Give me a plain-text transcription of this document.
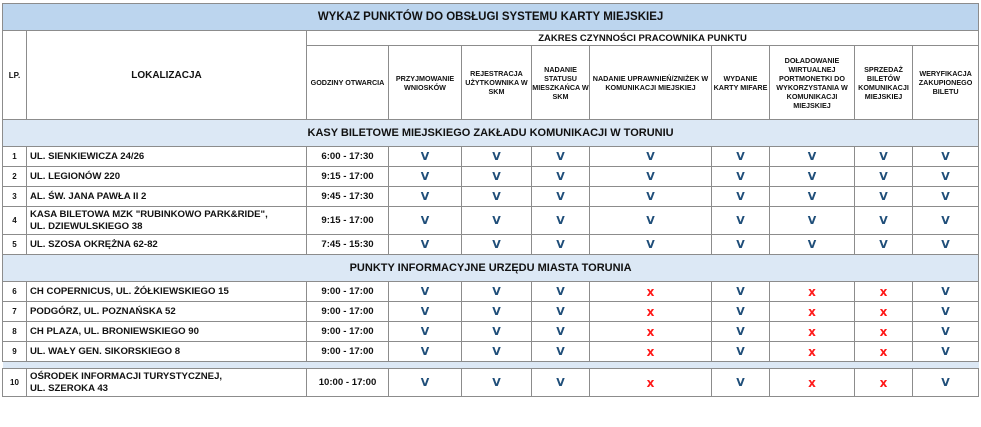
WYKAZ PUNKTÓW DO OBSŁUGI SYSTEMU KARTY MIEJSKIEJ										
LP.	LOKALIZACJA	ZAKRES CZYNNOŚCI PRACOWNIKA PUNKTU								
		GODZINY OTWARCIA	PRZYJMOWANIE WNIOSKÓW	REJESTRACJA UŻYTKOWNIKA W SKM	NADANIE STATUSU MIESZKAŃCA W SKM	NADANIE UPRAWNIEŃ/ZNIŻEK W KOMUNIKACJI MIEJSKIEJ	WYDANIE KARTY MIFARE	DOŁADOWANIE WIRTUALNEJ PORTMONETKI DO WYKORZYSTANIA W KOMUNIKACJI MIEJSKIEJ	SPRZEDAŻ BILETÓW KOMUNIKACJI MIEJSKIEJ	WERYFIKACJA ZAKUPIONEGO BILETU
KASY BILETOWE MIEJSKIEGO ZAKŁADU KOMUNIKACJI W TORUNIU										
1	UL. SIENKIEWICZA 24/26	6:00 - 17:30	V	V	V	V	V	V	V	V
2	UL. LEGIONÓW 220	9:15 - 17:00	V	V	V	V	V	V	V	V
3	AL. ŚW. JANA PAWŁA II 2	9:45 - 17:30	V	V	V	V	V	V	V	V
4	KASA BILETOWA MZK "RUBINKOWO PARK&RIDE",
UL. DZIEWULSKIEGO 38	9:15 - 17:00	V	V	V	V	V	V	V	V
5	UL. SZOSA OKRĘŻNA 62-82	7:45 - 15:30	V	V	V	V	V	V	V	V
PUNKTY INFORMACYJNE URZĘDU MIASTA TORUNIA										
6	CH COPERNICUS, UL. ŻÓŁKIEWSKIEGO 15	9:00 - 17:00	V	V	V	x	V	x	x	V
7	PODGÓRZ, UL. POZNAŃSKA 52	9:00 - 17:00	V	V	V	x	V	x	x	V
8	CH PLAZA, UL. BRONIEWSKIEGO 90	9:00 - 17:00	V	V	V	x	V	x	x	V
9	UL. WAŁY GEN. SIKORSKIEGO 8	9:00 - 17:00	V	V	V	x	V	x	x	V

10	OŚRODEK INFORMACJI TURYSTYCZNEJ,
UL. SZEROKA 43	10:00 - 17:00	V	V	V	x	V	x	x	V
